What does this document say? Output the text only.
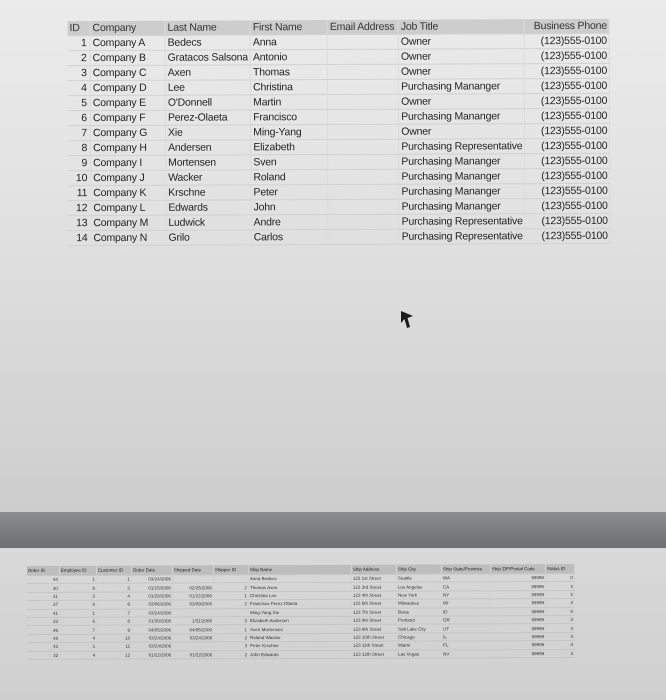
ID	Company	Last Name	First Name	Email Address	Job Title	Business Phone
1	Company A	Bedecs	Anna		Owner	(123)555-0100
2	Company B	Gratacos Salsona	Antonio		Owner	(123)555-0100
3	Company C	Axen	Thomas		Owner	(123)555-0100
4	Company D	Lee	Christina		Purchasing Mananger	(123)555-0100
5	Company E	O'Donnell	Martin		Owner	(123)555-0100
6	Company F	Perez-Olaeta	Francisco		Purchasing Mananger	(123)555-0100
7	Company G	Xie	Ming-Yang		Owner	(123)555-0100
8	Company H	Andersen	Elizabeth		Purchasing Representative	(123)555-0100
9	Company I	Mortensen	Sven		Purchasing Mananger	(123)555-0100
10	Company J	Wacker	Roland		Purchasing Mananger	(123)555-0100
11	Company K	Krschne	Peter		Purchasing Mananger	(123)555-0100
12	Company L	Edwards	John		Purchasing Mananger	(123)555-0100
13	Company M	Ludwick	Andre		Purchasing Representative	(123)555-0100
14	Company N	Grilo	Carlos		Purchasing Representative	(123)555-0100
Order ID	Employee ID	Customer ID	Order Date	Shipped Date	Shipper ID	Ship Name	Ship Address	Ship City	Ship State/Province	Ship ZIP/Postal Code	Status ID
44	1	1	03/24/2006			Anna Bedecs	123 1st Street	Seattle	WA	99999	0
30	9	3	01/15/2006	02/25/2006	2	Thomas Axen	123 3rd Street	Los Angelas	CA	99999	3
31	3	4	01/20/2006	01/22/2006	1	Christina Lee	123 4th Street	New York	NY	99999	3
37	8	6	03/06/2006	03/09/2006	2	Francisco Perez-Olaeta	123 6th Street	Milwaukee	WI	99999	3
41	1	7	03/24/2006			Ming-Yang Xie	123 7th Street	Boise	ID	99999	0
33	6	8	01/30/2006	1/31/2006	3	Elizabeth Andersen	123 8th Street	Portland	OR	99999	3
46	7	9	04/05/2006	04/05/2006	1	Sven Mortensen	123 9th Street	Salt Lake City	UT	99999	3
48	4	10	03/24/2006	03/24/2006	2	Roland Wacker	123 10th Street	Chicago	IL	99999	3
43	1	11	03/24/2006		3	Peter Krschne	123 11th Street	Miami	FL	99999	0
32	4	12	01/22/2006	01/22/2006	2	John Edwards	123 12th Street	Las Vegas	NV	99999	3
